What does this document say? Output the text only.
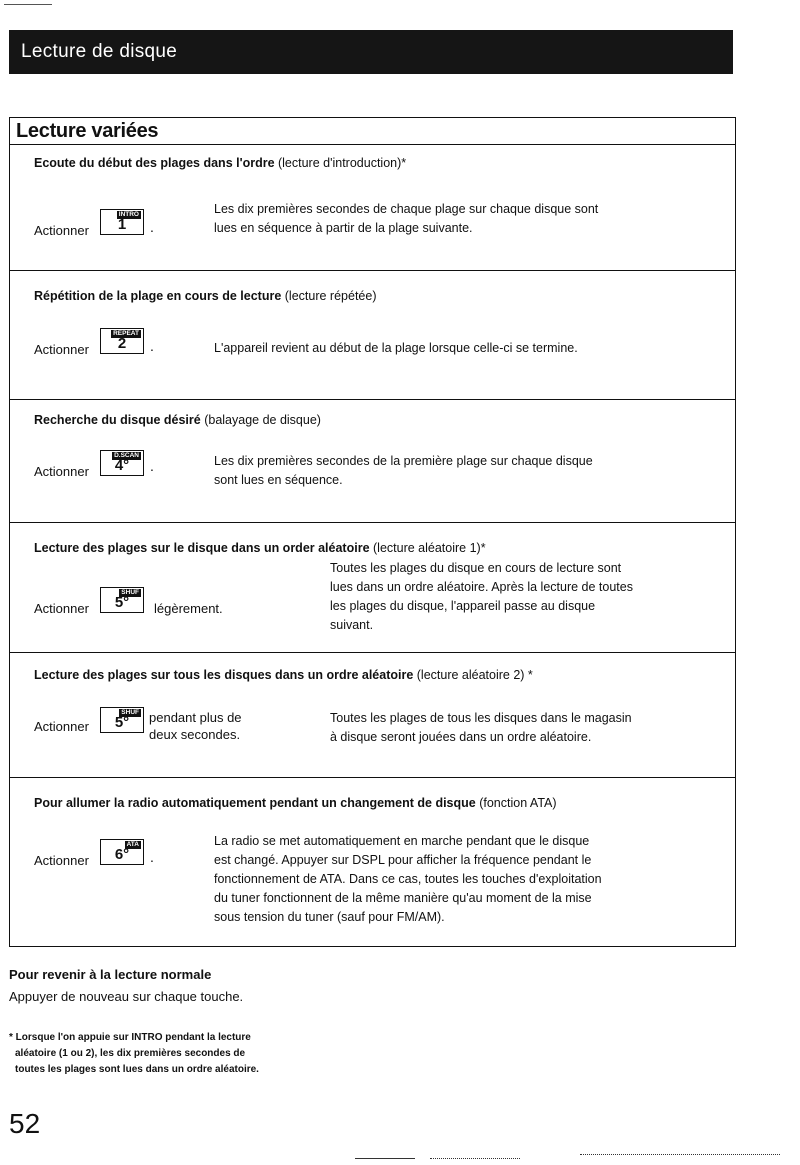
Lecture de disque
Lecture variées
Ecoute du début des plages dans l'ordre (lecture d'introduction)*
Actionner
INTRO
1	.
Les dix premières secondes de chaque plage sur chaque disque sont
lues en séquence à partir de la plage suivante.
Répétition de la plage en cours de lecture (lecture répétée)
Actionner
REPEAT
2	.	L'appareil revient au début de la plage lorsque celle-ci se termine.
Recherche du disque désiré (balayage de disque)
Actionner
D.SCAN
4°	.	Les dix premières secondes de la première plage sur chaque disque
sont lues en séquence.
Lecture des plages sur le disque dans un order aléatoire (lecture aléatoire 1)*
Actionner
SHUF
5°	légèrement.
Toutes les plages du disque en cours de lecture sont
lues dans un ordre aléatoire. Après la lecture de toutes
les plages du disque, l'appareil passe au disque
suivant.
Lecture des plages sur tous les disques dans un ordre aléatoire (lecture aléatoire 2) *
Actionner
SHUF
5°	pendant plus de
deux secondes.
Toutes les plages de tous les disques dans le magasin
à disque seront jouées dans un ordre aléatoire.
Pour allumer la radio automatiquement pendant un changement de disque (fonction ATA)
Actionner
ATA
6°	.
La radio se met automatiquement en marche pendant que le disque
est changé. Appuyer sur DSPL pour afficher la fréquence pendant le
fonctionnement de ATA. Dans ce cas, toutes les touches d'exploitation
du tuner fonctionnent de la même manière qu'au moment de la mise
sous tension du tuner (sauf pour FM/AM).
Pour revenir à la lecture normale
Appuyer de nouveau sur chaque touche.
* Lorsque l'on appuie sur INTRO pendant la lecture
aléatoire (1 ou 2), les dix premières secondes de
toutes les plages sont lues dans un ordre aléatoire.
52
